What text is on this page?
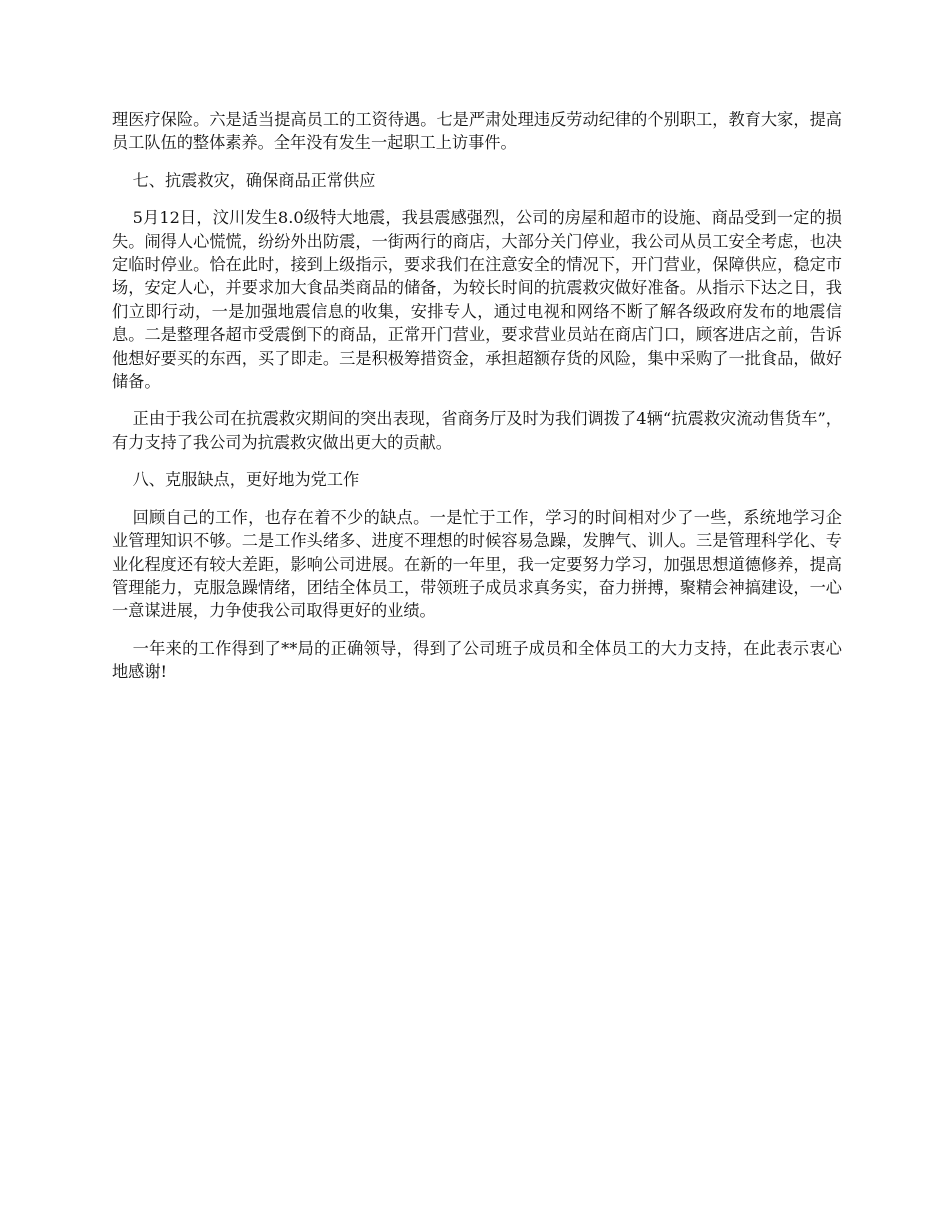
理医疗保险。六是适当提高员工的工资待遇。七是严肃处理违反劳动纪律的个别职工，教育大家，提高员工队伍的整体素养。全年没有发生一起职工上访事件。

七、抗震救灾，确保商品正常供应

5月12日，汶川发生8.0级特大地震，我县震感强烈，公司的房屋和超市的设施、商品受到一定的损失。闹得人心慌慌，纷纷外出防震，一街两行的商店，大部分关门停业，我公司从员工安全考虑，也决定临时停业。恰在此时，接到上级指示，要求我们在注意安全的情况下，开门营业，保障供应，稳定市场，安定人心，并要求加大食品类商品的储备，为较长时间的抗震救灾做好准备。从指示下达之日，我们立即行动，一是加强地震信息的收集，安排专人，通过电视和网络不断了解各级政府发布的地震信息。二是整理各超市受震倒下的商品，正常开门营业，要求营业员站在商店门口，顾客进店之前，告诉他想好要买的东西，买了即走。三是积极筹措资金，承担超额存货的风险，集中采购了一批食品，做好储备。

正由于我公司在抗震救灾期间的突出表现，省商务厅及时为我们调拨了4辆“抗震救灾流动售货车”，有力支持了我公司为抗震救灾做出更大的贡献。

八、克服缺点，更好地为党工作

回顾自己的工作，也存在着不少的缺点。一是忙于工作，学习的时间相对少了一些，系统地学习企业管理知识不够。二是工作头绪多、进度不理想的时候容易急躁，发脾气、训人。三是管理科学化、专业化程度还有较大差距，影响公司进展。在新的一年里，我一定要努力学习，加强思想道德修养，提高管理能力，克服急躁情绪，团结全体员工，带领班子成员求真务实，奋力拼搏，聚精会神搞建设，一心一意谋进展，力争使我公司取得更好的业绩。

一年来的工作得到了**局的正确领导，得到了公司班子成员和全体员工的大力支持，在此表示衷心地感谢!
